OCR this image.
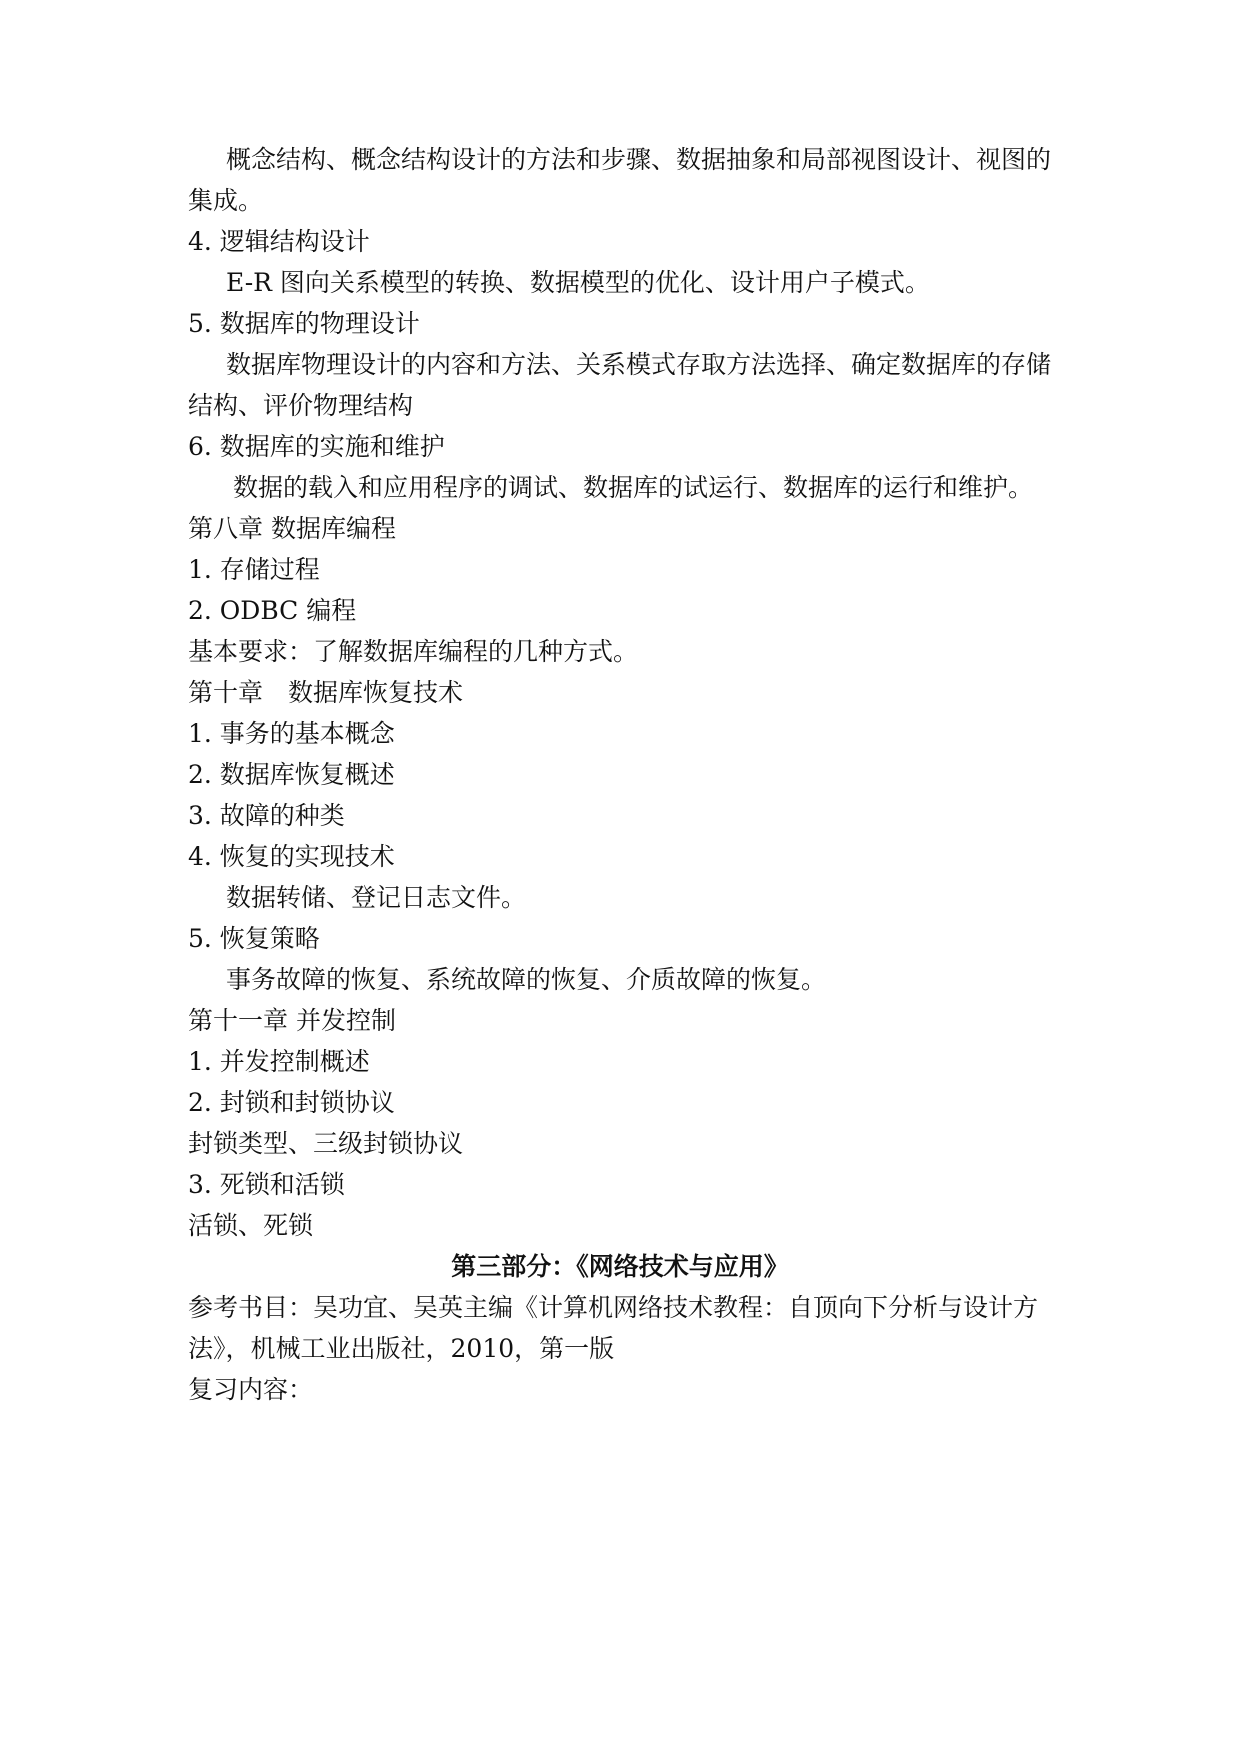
概念结构、概念结构设计的方法和步骤、数据抽象和局部视图设计、视图的
集成。
4. 逻辑结构设计
E-R 图向关系模型的转换、数据模型的优化、设计用户子模式。
5. 数据库的物理设计
数据库物理设计的内容和方法、关系模式存取方法选择、确定数据库的存储
结构、评价物理结构
6. 数据库的实施和维护
数据的载入和应用程序的调试、数据库的试运行、数据库的运行和维护。
第八章 数据库编程
1. 存储过程
2. ODBC 编程
基本要求：了解数据库编程的几种方式。
第十章　数据库恢复技术
1. 事务的基本概念
2. 数据库恢复概述
3. 故障的种类
4. 恢复的实现技术
数据转储、登记日志文件。
5. 恢复策略
事务故障的恢复、系统故障的恢复、介质故障的恢复。
第十一章 并发控制
1. 并发控制概述
2. 封锁和封锁协议
封锁类型、三级封锁协议
3. 死锁和活锁
活锁、死锁
第三部分：《网络技术与应用》
参考书目：吴功宜、吴英主编《计算机网络技术教程：自顶向下分析与设计方
法》，机械工业出版社，2010，第一版
复习内容：
